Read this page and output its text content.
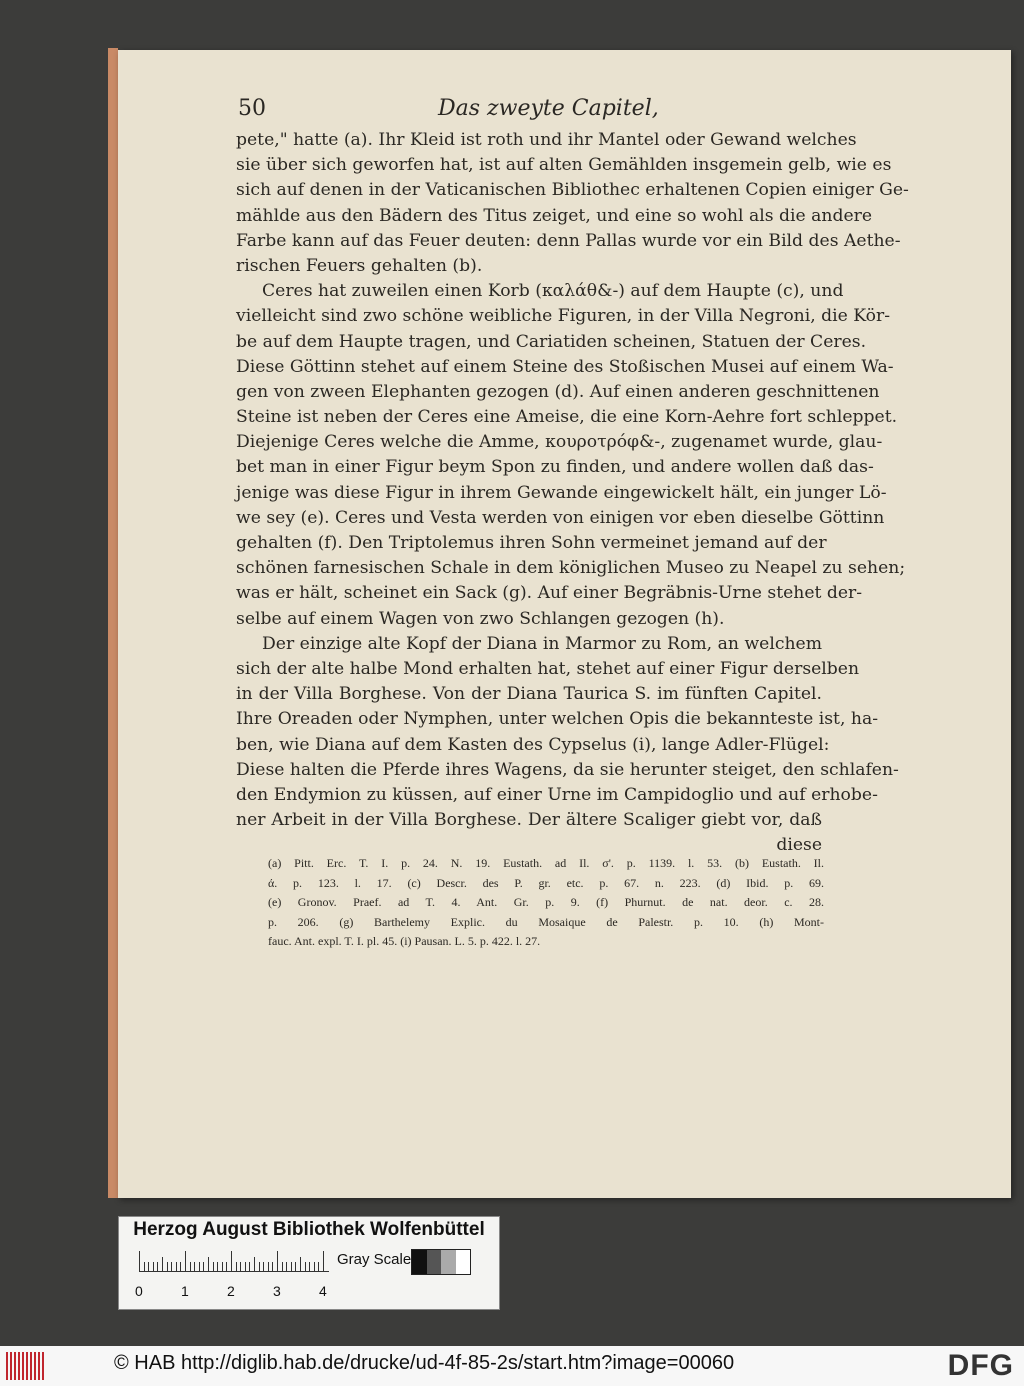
50	Das zweyte Capitel,
pete," hatte (a). Ihr Kleid ist roth und ihr Mantel oder Gewand welches
sie über sich geworfen hat, ist auf alten Gemählden insgemein gelb, wie es
sich auf denen in der Vaticanischen Bibliothec erhaltenen Copien einiger Ge-
mählde aus den Bädern des Titus zeiget, und eine so wohl als die andere
Farbe kann auf das Feuer deuten: denn Pallas wurde vor ein Bild des Aethe-
rischen Feuers gehalten (b).
Ceres hat zuweilen einen Korb (καλάθ&-) auf dem Haupte (c), und
vielleicht sind zwo schöne weibliche Figuren, in der Villa Negroni, die Kör-
be auf dem Haupte tragen, und Cariatiden scheinen, Statuen der Ceres.
Diese Göttinn stehet auf einem Steine des Stoßischen Musei auf einem Wa-
gen von zween Elephanten gezogen (d). Auf einen anderen geschnittenen
Steine ist neben der Ceres eine Ameise, die eine Korn-Aehre fort schleppet.
Diejenige Ceres welche die Amme, κουροτρόφ&-, zugenamet wurde, glau-
bet man in einer Figur beym Spon zu finden, und andere wollen daß das-
jenige was diese Figur in ihrem Gewande eingewickelt hält, ein junger Lö-
we sey (e). Ceres und Vesta werden von einigen vor eben dieselbe Göttinn
gehalten (f). Den Triptolemus ihren Sohn vermeinet jemand auf der
schönen farnesischen Schale in dem königlichen Museo zu Neapel zu sehen;
was er hält, scheinet ein Sack (g). Auf einer Begräbnis-Urne stehet der-
selbe auf einem Wagen von zwo Schlangen gezogen (h).
Der einzige alte Kopf der Diana in Marmor zu Rom, an welchem
sich der alte halbe Mond erhalten hat, stehet auf einer Figur derselben
in der Villa Borghese. Von der Diana Taurica S. im fünften Capitel.
Ihre Oreaden oder Nymphen, unter welchen Opis die bekannteste ist, ha-
ben, wie Diana auf dem Kasten des Cypselus (i), lange Adler-Flügel:
Diese halten die Pferde ihres Wagens, da sie herunter steiget, den schlafen-
den Endymion zu küssen, auf einer Urne im Campidoglio und auf erhobe-
ner Arbeit in der Villa Borghese. Der ältere Scaliger giebt vor, daß
diese
(a) Pitt. Erc. T. I. p. 24. N. 19. Eustath. ad Il. σ'. p. 1139. l. 53. (b) Eustath. Il.
ά. p. 123. l. 17. (c) Descr. des P. gr. etc. p. 67. n. 223. (d) Ibid. p. 69.
(e) Gronov. Praef. ad T. 4. Ant. Gr. p. 9. (f) Phurnut. de nat. deor. c. 28.
p. 206. (g) Barthelemy Explic. du Mosaique de Palestr. p. 10. (h) Mont-
fauc. Ant. expl. T. I. pl. 45. (i) Pausan. L. 5. p. 422. l. 27.
Herzog August Bibliothek Wolfenbüttel
0	1	2	3	4
Gray Scale
© HAB http://diglib.hab.de/drucke/ud-4f-85-2s/start.htm?image=00060	DFG
